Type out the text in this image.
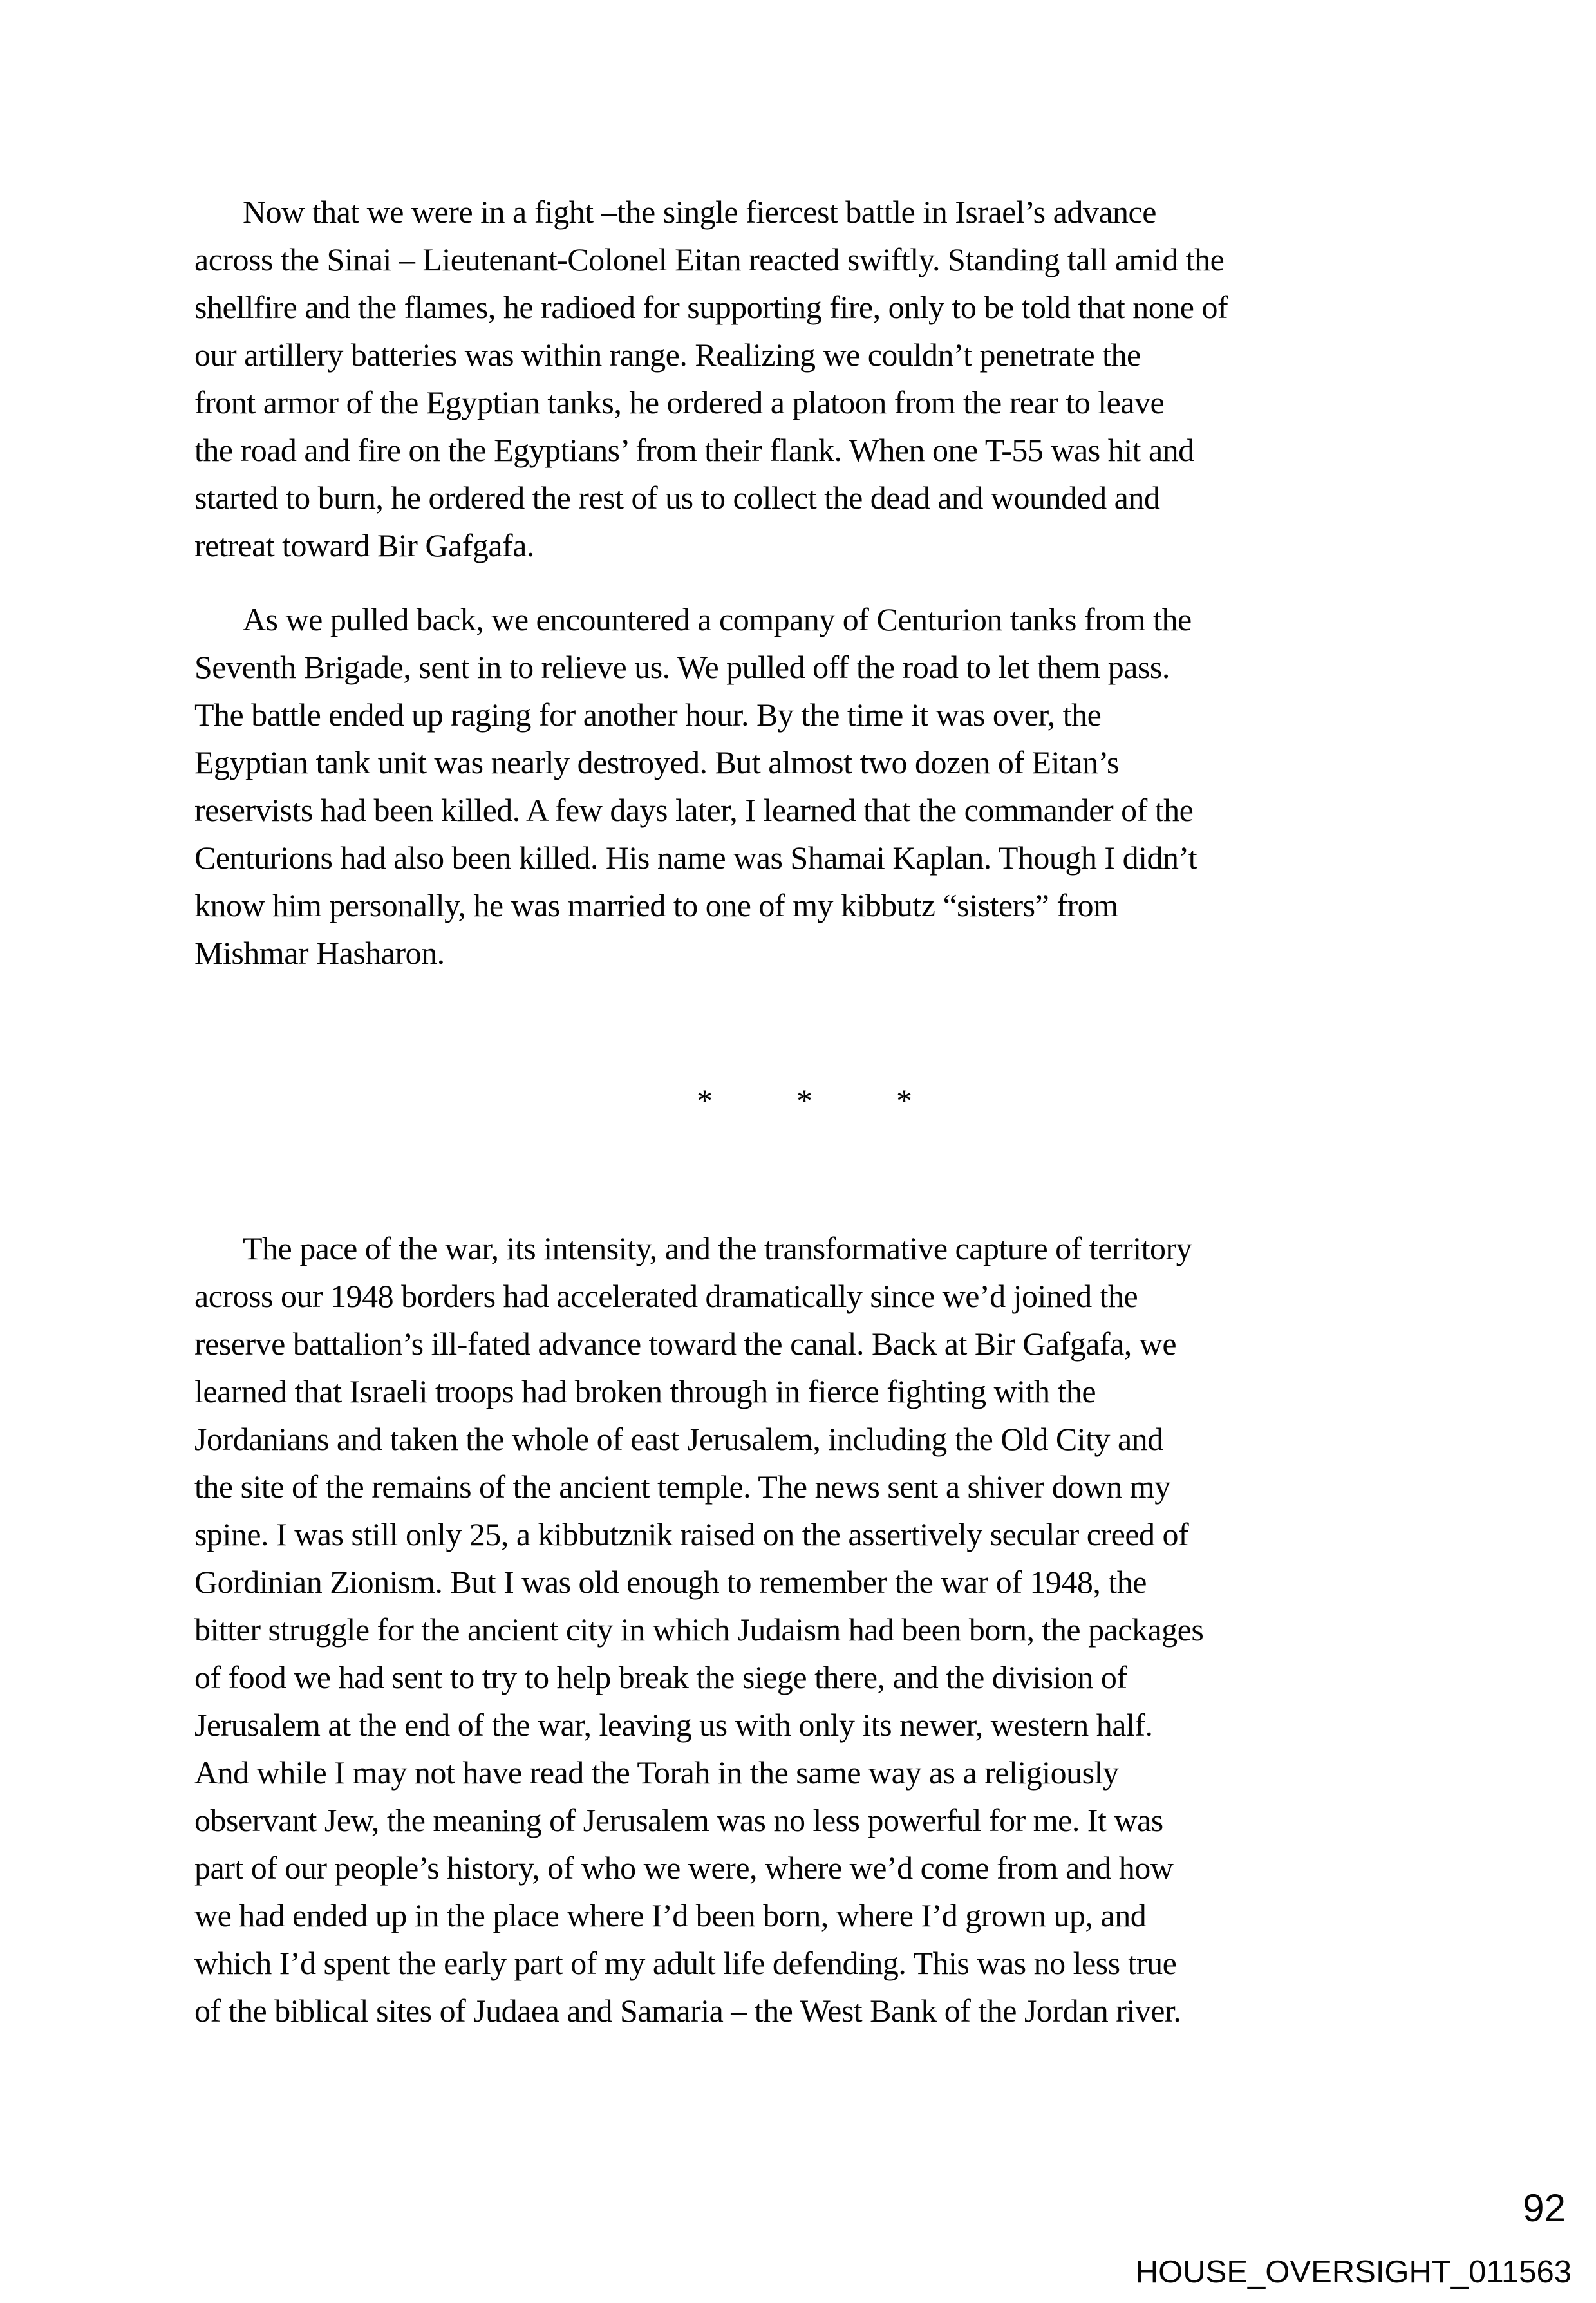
Now that we were in a fight –the single fiercest battle in Israel’s advance
across the Sinai – Lieutenant-Colonel Eitan reacted swiftly. Standing tall amid the
shellfire and the flames, he radioed for supporting fire, only to be told that none of
our artillery batteries was within range. Realizing we couldn’t penetrate the
front armor of the Egyptian tanks, he ordered a platoon from the rear to leave
the road and fire on the Egyptians’ from their flank. When one T-55 was hit and
started to burn, he ordered the rest of us to collect the dead and wounded and
retreat toward Bir Gafgafa.
As we pulled back, we encountered a company of Centurion tanks from the
Seventh Brigade, sent in to relieve us. We pulled off the road to let them pass.
The battle ended up raging for another hour. By the time it was over, the
Egyptian tank unit was nearly destroyed. But almost two dozen of Eitan’s
reservists had been killed. A few days later, I learned that the commander of the
Centurions had also been killed. His name was Shamai Kaplan. Though I didn’t
know him personally, he was married to one of my kibbutz “sisters” from
Mishmar Hasharon.
*	*	*
The pace of the war, its intensity, and the transformative capture of territory
across our 1948 borders had accelerated dramatically since we’d joined the
reserve battalion’s ill-fated advance toward the canal. Back at Bir Gafgafa, we
learned that Israeli troops had broken through in fierce fighting with the
Jordanians and taken the whole of east Jerusalem, including the Old City and
the site of the remains of the ancient temple. The news sent a shiver down my
spine. I was still only 25, a kibbutznik raised on the assertively secular creed of
Gordinian Zionism. But I was old enough to remember the war of 1948, the
bitter struggle for the ancient city in which Judaism had been born, the packages
of food we had sent to try to help break the siege there, and the division of
Jerusalem at the end of the war, leaving us with only its newer, western half.
And while I may not have read the Torah in the same way as a religiously
observant Jew, the meaning of Jerusalem was no less powerful for me. It was
part of our people’s history, of who we were, where we’d come from and how
we had ended up in the place where I’d been born, where I’d grown up, and
which I’d spent the early part of my adult life defending. This was no less true
of the biblical sites of Judaea and Samaria – the West Bank of the Jordan river.
92
HOUSE_OVERSIGHT_011563
